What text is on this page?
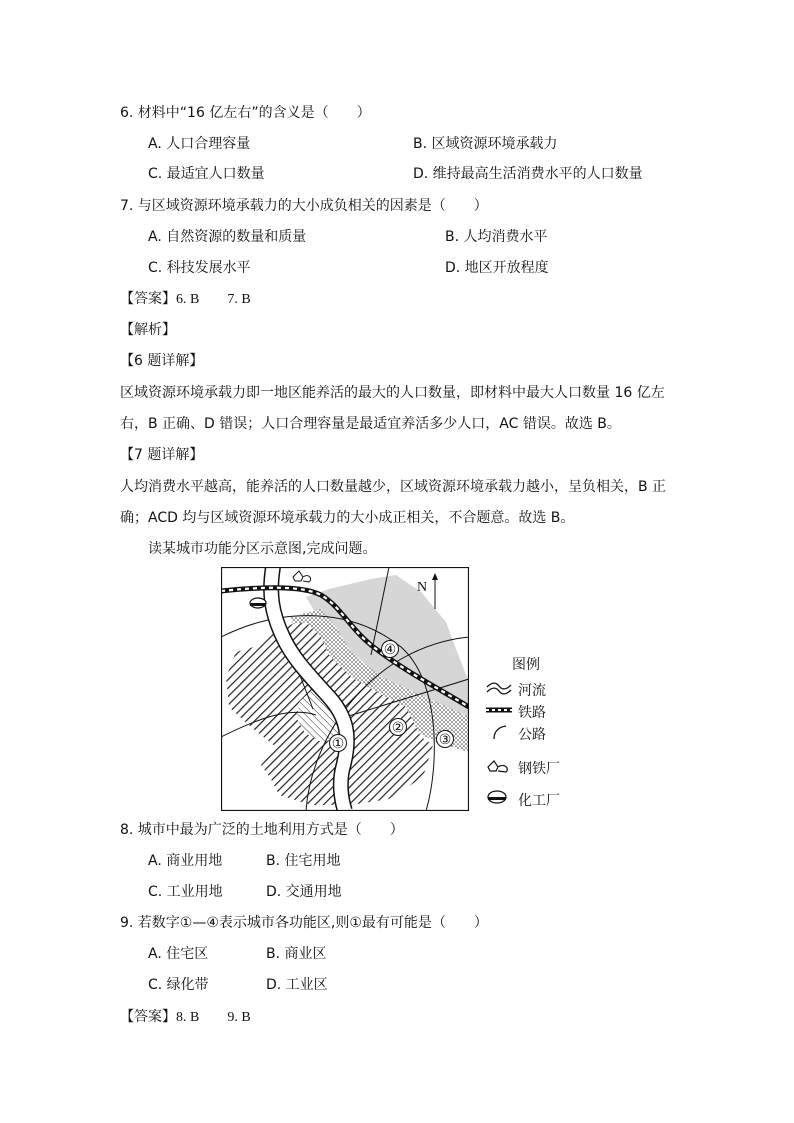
6. 材料中“16 亿左右”的含义是（　　）
A. 人口合理容量	B. 区域资源环境承载力
C. 最适宜人口数量	D. 维持最高生活消费水平的人口数量
7. 与区域资源环境承载力的大小成负相关的因素是（　　）
A. 自然资源的数量和质量	B. 人均消费水平
C. 科技发展水平	D. 地区开放程度
【答案】6. B　　7. B
【解析】
【6 题详解】
区域资源环境承载力即一地区能养活的最大的人口数量，即材料中最大人口数量 16 亿左
右，B 正确、D 错误；人口合理容量是最适宜养活多少人口，AC 错误。故选 B。
【7 题详解】
人均消费水平越高，能养活的人口数量越少，区域资源环境承载力越小，呈负相关，B 正
确；ACD 均与区域资源环境承载力的大小成正相关，不合题意。故选 B。
读某城市功能分区示意图,完成问题。
N
①
②
③
④
图例
河流
铁路
公路
钢铁厂
化工厂
8. 城市中最为广泛的土地利用方式是（　　）
A. 商业用地	B. 住宅用地
C. 工业用地	D. 交通用地
9. 若数字①—④表示城市各功能区,则①最有可能是（　　）
A. 住宅区	B. 商业区
C. 绿化带	D. 工业区
【答案】8. B　　9. B
